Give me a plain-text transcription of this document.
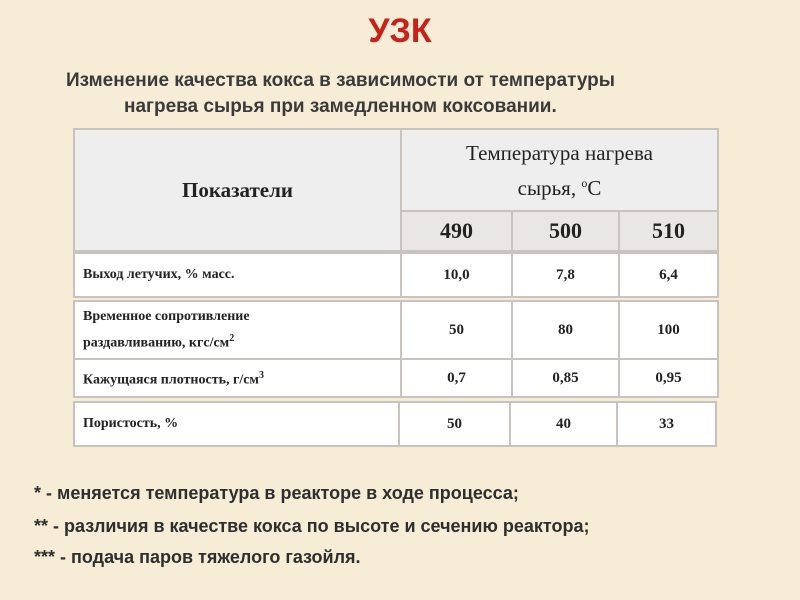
УЗК
Изменение качества кокса в зависимости от температуры
нагрева сырья при замедленном коксовании.
Показатели
Температура нагрева
сырья, $^о$С
490	500	510
Выход летучих, % масс.	10,0	7,8	6,4
Временное сопротивление
раздавливанию, кгс/$см^2$
50	80	100
Кажущаяся плотность, $г/см^3$	0,7	0,85	0,95
Пористость, %	50	40	33
* - меняется температура в реакторе в ходе процесса;
** - различия в качестве кокса по высоте и сечению реактора;
*** - подача паров тяжелого газойля.
